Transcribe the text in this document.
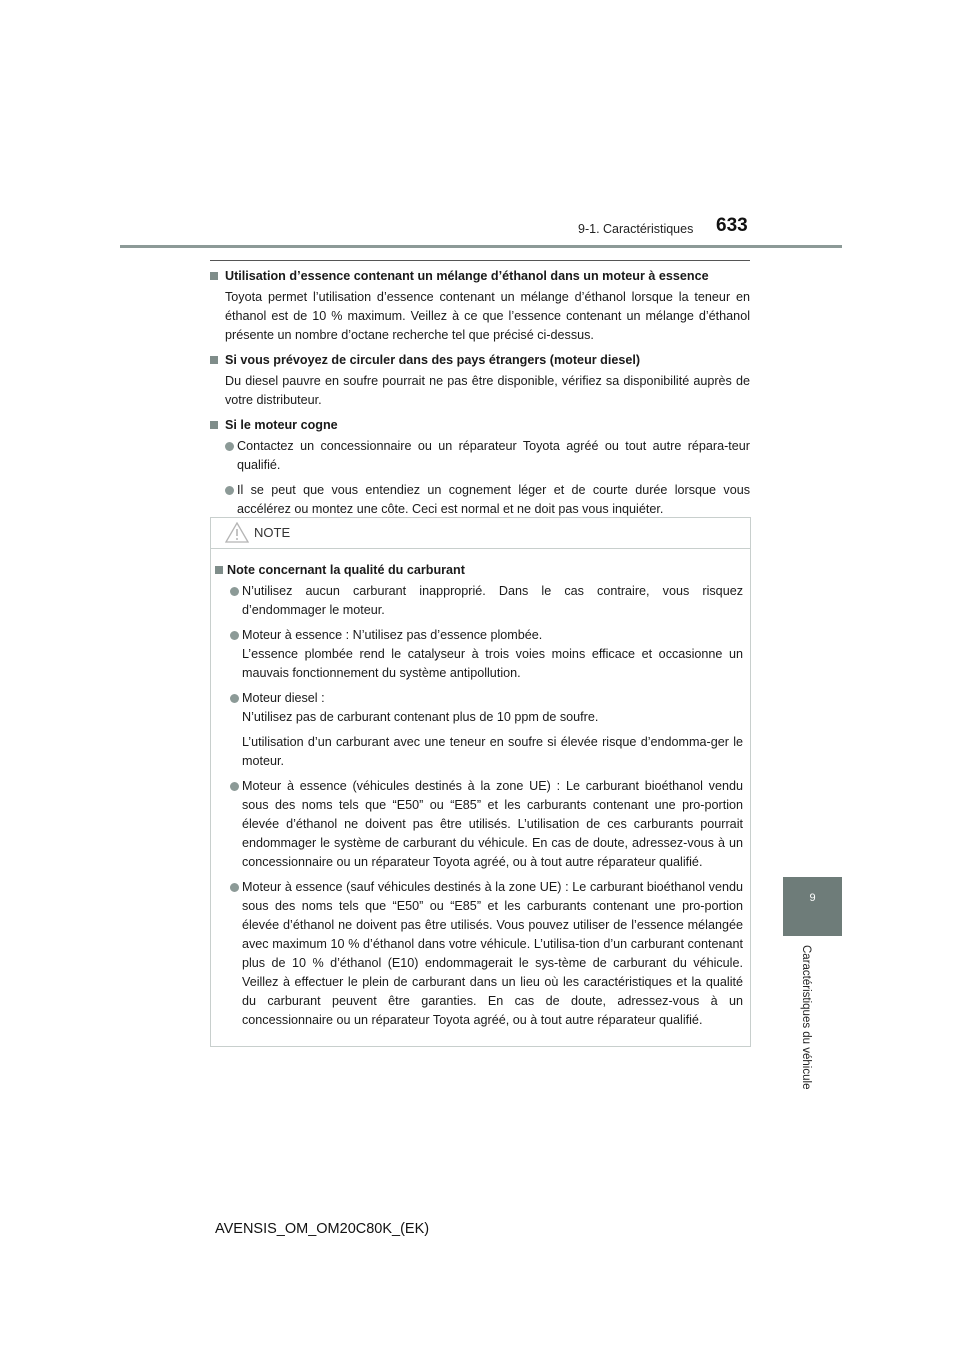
9-1. Caractéristiques 633
9
Caractéristiques du véhicule

Utilisation d’essence contenant un mélange d’éthanol dans un moteur à essence

Toyota permet l’utilisation d’essence contenant un mélange d’éthanol lorsque la teneur en éthanol est de 10 % maximum. Veillez à ce que l’essence contenant un mélange d’éthanol présente un nombre d’octane recherche tel que précisé ci-dessus.

Si vous prévoyez de circuler dans des pays étrangers (moteur diesel)

Du diesel pauvre en soufre pourrait ne pas être disponible, vérifiez sa disponibilité auprès de votre distributeur.

Si le moteur cogne

Contactez un concessionnaire ou un réparateur Toyota agréé ou tout autre répara-teur qualifié.
Il se peut que vous entendiez un cognement léger et de courte durée lorsque vous accélérez ou montez une côte. Ceci est normal et ne doit pas vous inquiéter.
NOTE

Note concernant la qualité du carburant

N’utilisez aucun carburant inapproprié. Dans le cas contraire, vous risquez d’endommager le moteur.
Moteur à essence : N’utilisez pas d’essence plombée.
L’essence plombée rend le catalyseur à trois voies moins efficace et occasionne un mauvais fonctionnement du système antipollution.
Moteur diesel :
N’utilisez pas de carburant contenant plus de 10 ppm de soufre.
L’utilisation d’un carburant avec une teneur en soufre si élevée risque d’endomma-ger le moteur.
Moteur à essence (véhicules destinés à la zone UE) : Le carburant bioéthanol vendu sous des noms tels que “E50” ou “E85” et les carburants contenant une pro-portion élevée d’éthanol ne doivent pas être utilisés. L’utilisation de ces carburants pourrait endommager le système de carburant du véhicule. En cas de doute, adressez-vous à un concessionnaire ou un réparateur Toyota agréé, ou à tout autre réparateur qualifié.
Moteur à essence (sauf véhicules destinés à la zone UE) : Le carburant bioéthanol vendu sous des noms tels que “E50” ou “E85” et les carburants contenant une pro-portion élevée d’éthanol ne doivent pas être utilisés. Vous pouvez utiliser de l’essence mélangée avec maximum 10 % d’éthanol dans votre véhicule. L’utilisa-tion d’un carburant contenant plus de 10 % d’éthanol (E10) endommagerait le sys-tème de carburant du véhicule. Veillez à effectuer le plein de carburant dans un lieu où les caractéristiques et la qualité du carburant peuvent être garanties. En cas de doute, adressez-vous à un concessionnaire ou un réparateur Toyota agréé, ou à tout autre réparateur qualifié.
AVENSIS_OM_OM20C80K_(EK)
